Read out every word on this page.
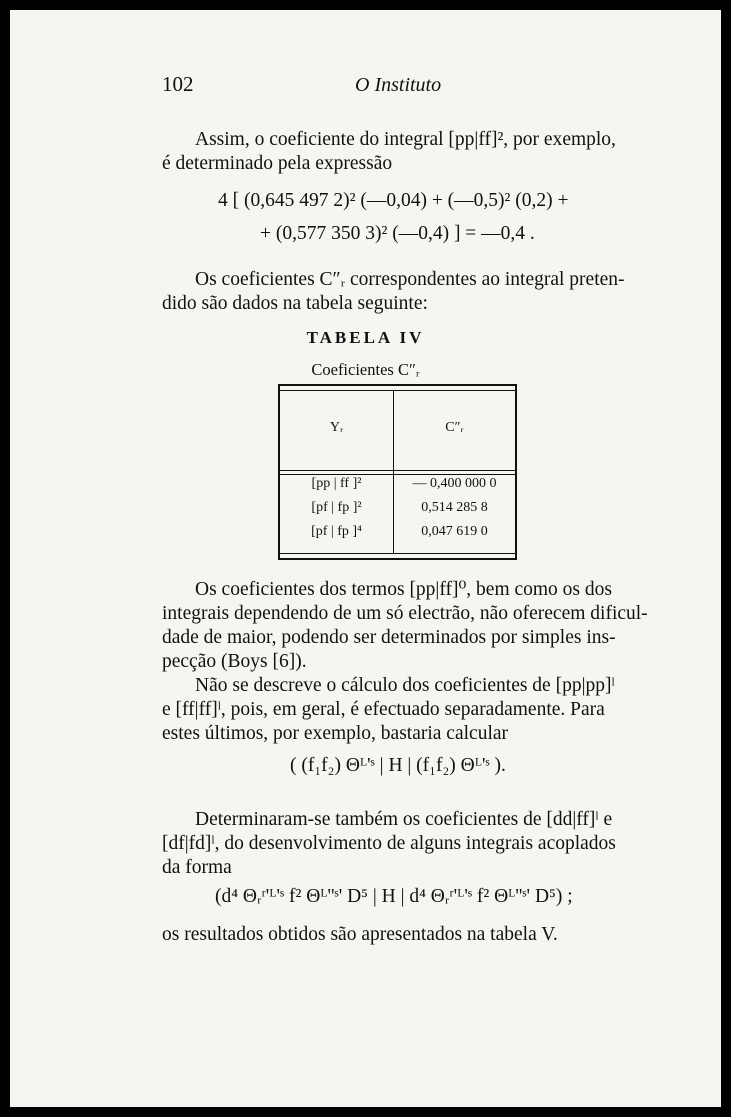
102	O Instituto
Assim, o coeficiente do integral [pp|ff]², por exemplo,
é determinado pela expressão
4 [ (0,645 497 2)² (—0,04) + (—0,5)² (0,2) +
+ (0,577 350 3)² (—0,4) ] = —0,4 .
Os coeficientes C″ᵣ correspondentes ao integral preten-
dido são dados na tabela seguinte:
TABELA IV
Coeficientes C″ᵣ
Yᵣ	C″ᵣ
[pp | ff ]²	— 0,400 000 0
[pf | fp ]²	0,514 285 8
[pf | fp ]⁴	0,047 619 0
Os coeficientes dos termos [pp|ff]⁰, bem como os dos
integrais dependendo de um só electrão, não oferecem dificul-
dade de maior, podendo ser determinados por simples ins-
pecção (Boys [6]).
Não se descreve o cálculo dos coeficientes de [pp|pp]ˡ
e [ff|ff]ˡ, pois, em geral, é efectuado separadamente. Para
estes últimos, por exemplo, bastaria calcular
( (f₁f₂) Θᴸ'ˢ | H | (f₁f₂) Θᴸ'ˢ ).
Determinaram-se também os coeficientes de [dd|ff]ˡ e
[df|fd]ˡ, do desenvolvimento de alguns integrais acoplados
da forma
(d⁴ Θᵣʳ'ᴸ'ˢ f² Θᴸ''ˢ' D⁵ | H | d⁴ Θᵣʳ'ᴸ'ˢ f² Θᴸ''ˢ' D⁵) ;
os resultados obtidos são apresentados na tabela V.
